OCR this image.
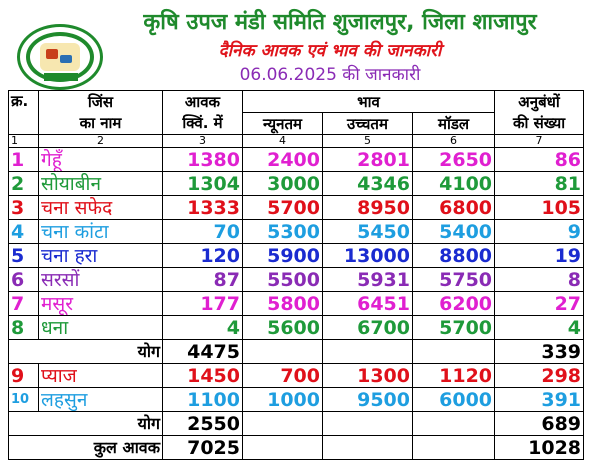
कृषि उपज मंडी समिति शुजालपुर, जिला शाजापुर
दैनिक आवक एवं भाव की जानकारी
06.06.2025 की जानकारी
क्र.	जिंस	आवक	भाव			अनुबंधों
	का नाम	क्विं. में	न्यूनतम	उच्चतम	मॉडल	की संख्या
1	2	3	4	5	6	7
1	गेहूँ	1380	2400	2801	2650	86
2	सोयाबीन	1304	3000	4346	4100	81
3	चना सफेद	1333	5700	8950	6800	105
4	चना कांटा	70	5300	5450	5400	9
5	चना हरा	120	5900	13000	8800	19
6	सरसों	87	5500	5931	5750	8
7	मसूर	177	5800	6451	6200	27
8	धना	4	5600	6700	5700	4
योग		4475				339
9	प्याज	1450	700	1300	1120	298
10	लहसुन	1100	1000	9500	6000	391
योग		2550				689
कुल आवक		7025				1028
